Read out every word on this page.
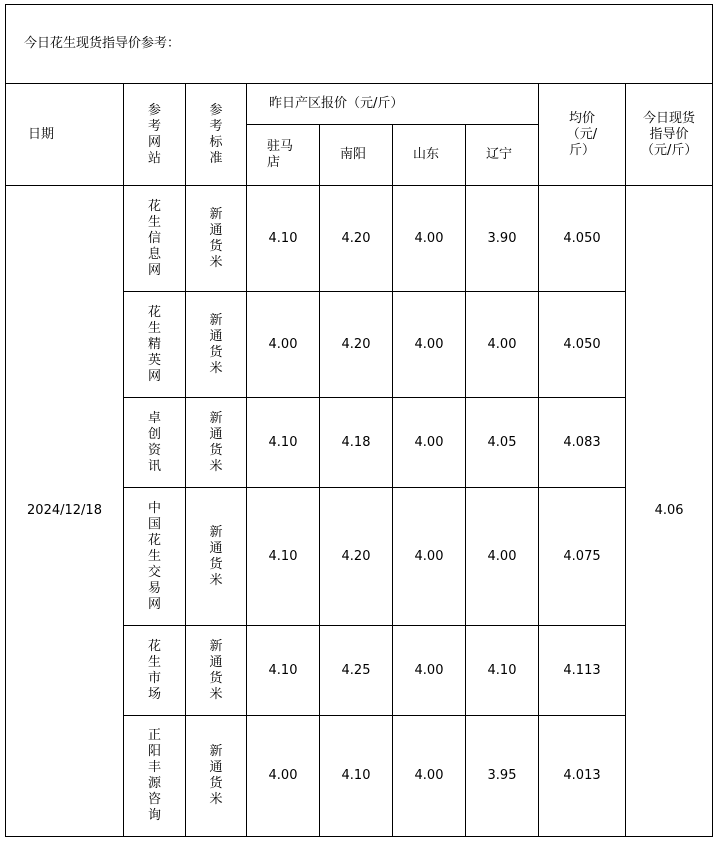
今日花生现货指导价参考：								
日期	参考网站	参考标准	昨日产区报价（元/斤）				均价（元/斤）	今日现货指导价（元/斤）

			驻马店	南阳	山东	辽宁		
2024/12/18	花生信息网	新通货米	4.10	4.20	4.00	3.90	4.050	4.06

	花生精英网	新通货米	4.00	4.20	4.00	4.00	4.050	

	卓创资讯	新通货米	4.10	4.18	4.00	4.05	4.083	

	中国花生交易网	新通货米	4.10	4.20	4.00	4.00	4.075	

	花生市场	新通货米	4.10	4.25	4.00	4.10	4.113	

	正阳丰源咨询	新通货米	4.00	4.10	4.00	3.95	4.013	
